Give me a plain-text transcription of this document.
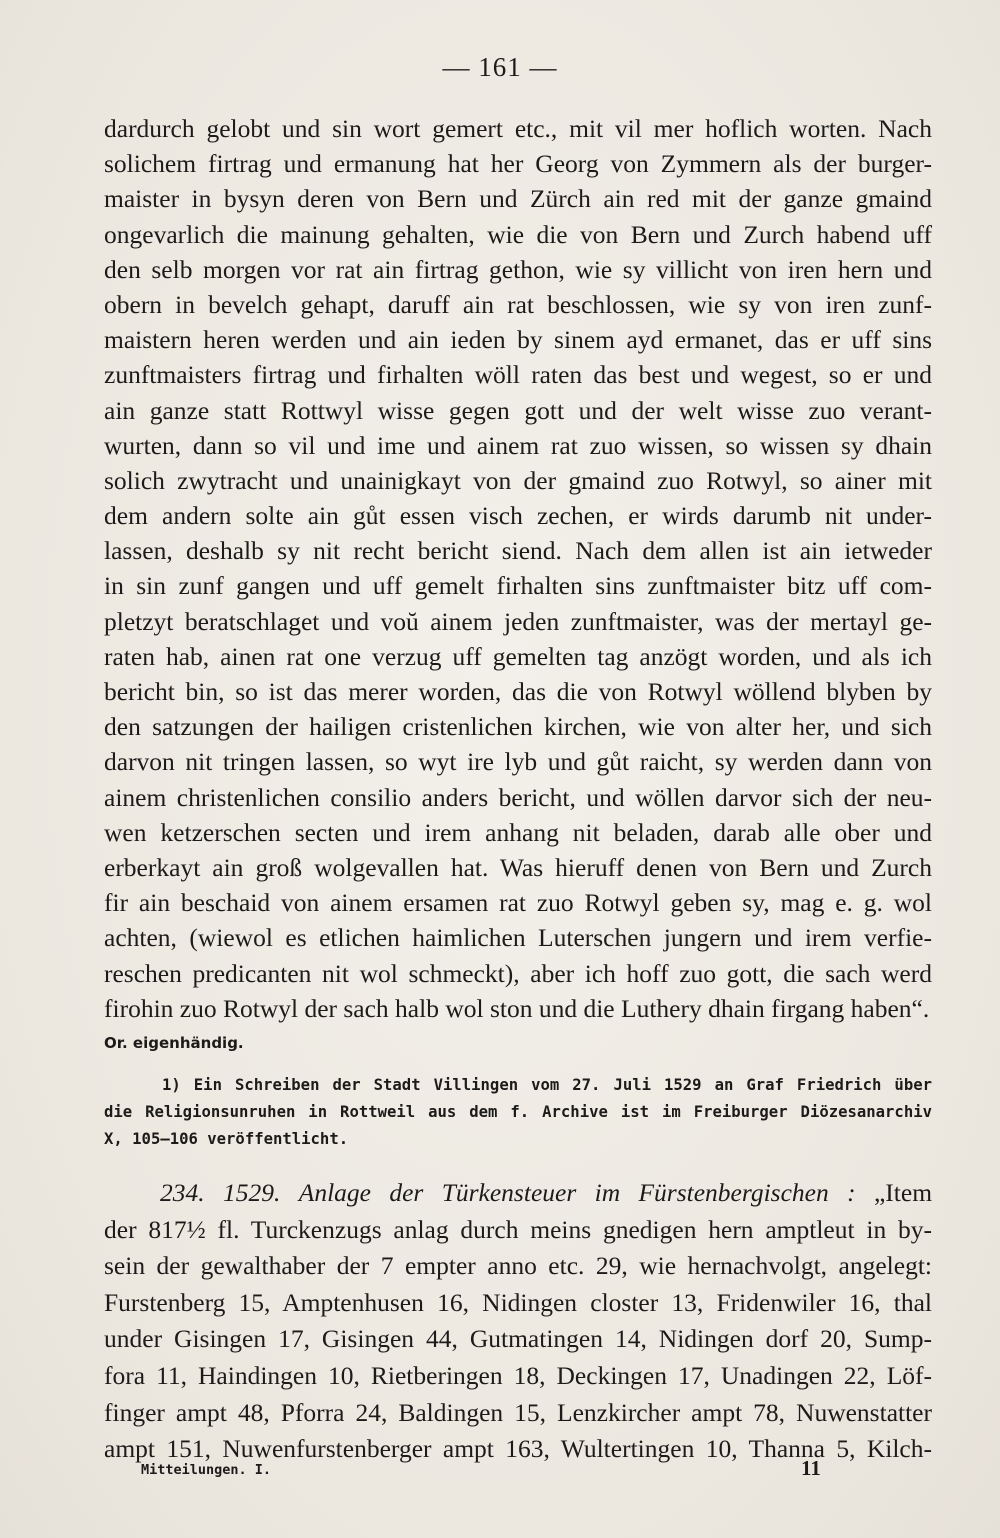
— 161 —
dardurch gelobt und sin wort gemert etc., mit vil mer hoflich worten. Nach
solichem firtrag und ermanung hat her Georg von Zymmern als der burger-
maister in bysyn deren von Bern und Zürch ain red mit der ganze gmaind
ongevarlich die mainung gehalten, wie die von Bern und Zurch habend uff
den selb morgen vor rat ain firtrag gethon, wie sy villicht von iren hern und
obern in bevelch gehapt, daruff ain rat beschlossen, wie sy von iren zunf-
maistern heren werden und ain ieden by sinem ayd ermanet, das er uff sins
zunftmaisters firtrag und firhalten wöll raten das best und wegest, so er und
ain ganze statt Rottwyl wisse gegen gott und der welt wisse zuo verant-
wurten, dann so vil und ime und ainem rat zuo wissen, so wissen sy dhain
solich zwytracht und unainigkayt von der gmaind zuo Rotwyl, so ainer mit
dem andern solte ain gůt essen visch zechen, er wirds darumb nit under-
lassen, deshalb sy nit recht bericht siend. Nach dem allen ist ain ietweder
in sin zunf gangen und uff gemelt firhalten sins zunftmaister bitz uff com-
pletzyt beratschlaget und voŭ ainem jeden zunftmaister, was der mertayl ge-
raten hab, ainen rat one verzug uff gemelten tag anzögt worden, und als ich
bericht bin, so ist das merer worden, das die von Rotwyl wöllend blyben by
den satzungen der hailigen cristenlichen kirchen, wie von alter her, und sich
darvon nit tringen lassen, so wyt ire lyb und gůt raicht, sy werden dann von
ainem christenlichen consilio anders bericht, und wöllen darvor sich der neu-
wen ketzerschen secten und irem anhang nit beladen, darab alle ober und
erberkayt ain groß wolgevallen hat. Was hieruff denen von Bern und Zurch
fir ain beschaid von ainem ersamen rat zuo Rotwyl geben sy, mag e. g. wol
achten, (wiewol es etlichen haimlichen Luterschen jungern und irem verfie-
reschen predicanten nit wol schmeckt), aber ich hoff zuo gott, die sach werd
firohin zuo Rotwyl der sach halb wol ston und die Luthery dhain firgang haben“.
Or. eigenhändig.
1) Ein Schreiben der Stadt Villingen vom 27. Juli 1529 an Graf Friedrich über
die Religionsunruhen in Rottweil aus dem f. Archive ist im Freiburger Diözesanarchiv
X, 105—106 veröffentlicht.
234. 1529. Anlage der Türkensteuer im Fürstenbergischen : „Item
der 817½ fl. Turckenzugs anlag durch meins gnedigen hern amptleut in by-
sein der gewalthaber der 7 empter anno etc. 29, wie hernachvolgt, angelegt:
Furstenberg 15, Amptenhusen 16, Nidingen closter 13, Fridenwiler 16, thal
under Gisingen 17, Gisingen 44, Gutmatingen 14, Nidingen dorf 20, Sump-
fora 11, Haindingen 10, Rietberingen 18, Deckingen 17, Unadingen 22, Löf-
finger ampt 48, Pforra 24, Baldingen 15, Lenzkircher ampt 78, Nuwenstatter
ampt 151, Nuwenfurstenberger ampt 163, Wultertingen 10, Thanna 5, Kilch-
Mitteilungen. I.	11
